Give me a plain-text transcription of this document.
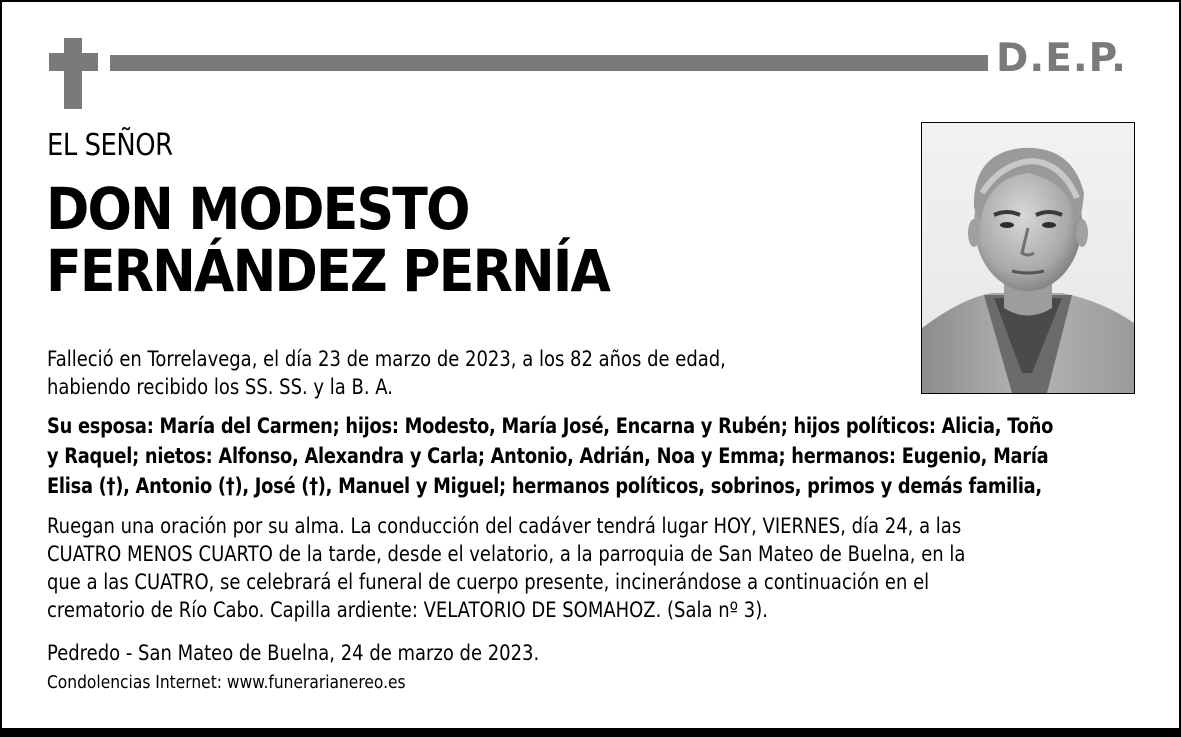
D.E.P.
EL SEÑOR
DON MODESTO
FERNÁNDEZ PERNÍA
Falleció en Torrelavega, el día 23 de marzo de 2023, a los 82 años de edad,
habiendo recibido los SS. SS. y la B. A.
Su esposa: María del Carmen; hijos: Modesto, María José, Encarna y Rubén; hijos políticos: Alicia, Toño
y Raquel; nietos: Alfonso, Alexandra y Carla; Antonio, Adrián, Noa y Emma; hermanos: Eugenio, María
Elisa (†), Antonio (†), José (†), Manuel y Miguel; hermanos políticos, sobrinos, primos y demás familia,
Ruegan una oración por su alma. La conducción del cadáver tendrá lugar HOY, VIERNES, día 24, a las
CUATRO MENOS CUARTO de la tarde, desde el velatorio, a la parroquia de San Mateo de Buelna, en la
que a las CUATRO, se celebrará el funeral de cuerpo presente, incinerándose a continuación en el
crematorio de Río Cabo. Capilla ardiente: VELATORIO DE SOMAHOZ. (Sala nº 3).
Pedredo - San Mateo de Buelna, 24 de marzo de 2023.
Condolencias Internet: www.funerarianereo.es
